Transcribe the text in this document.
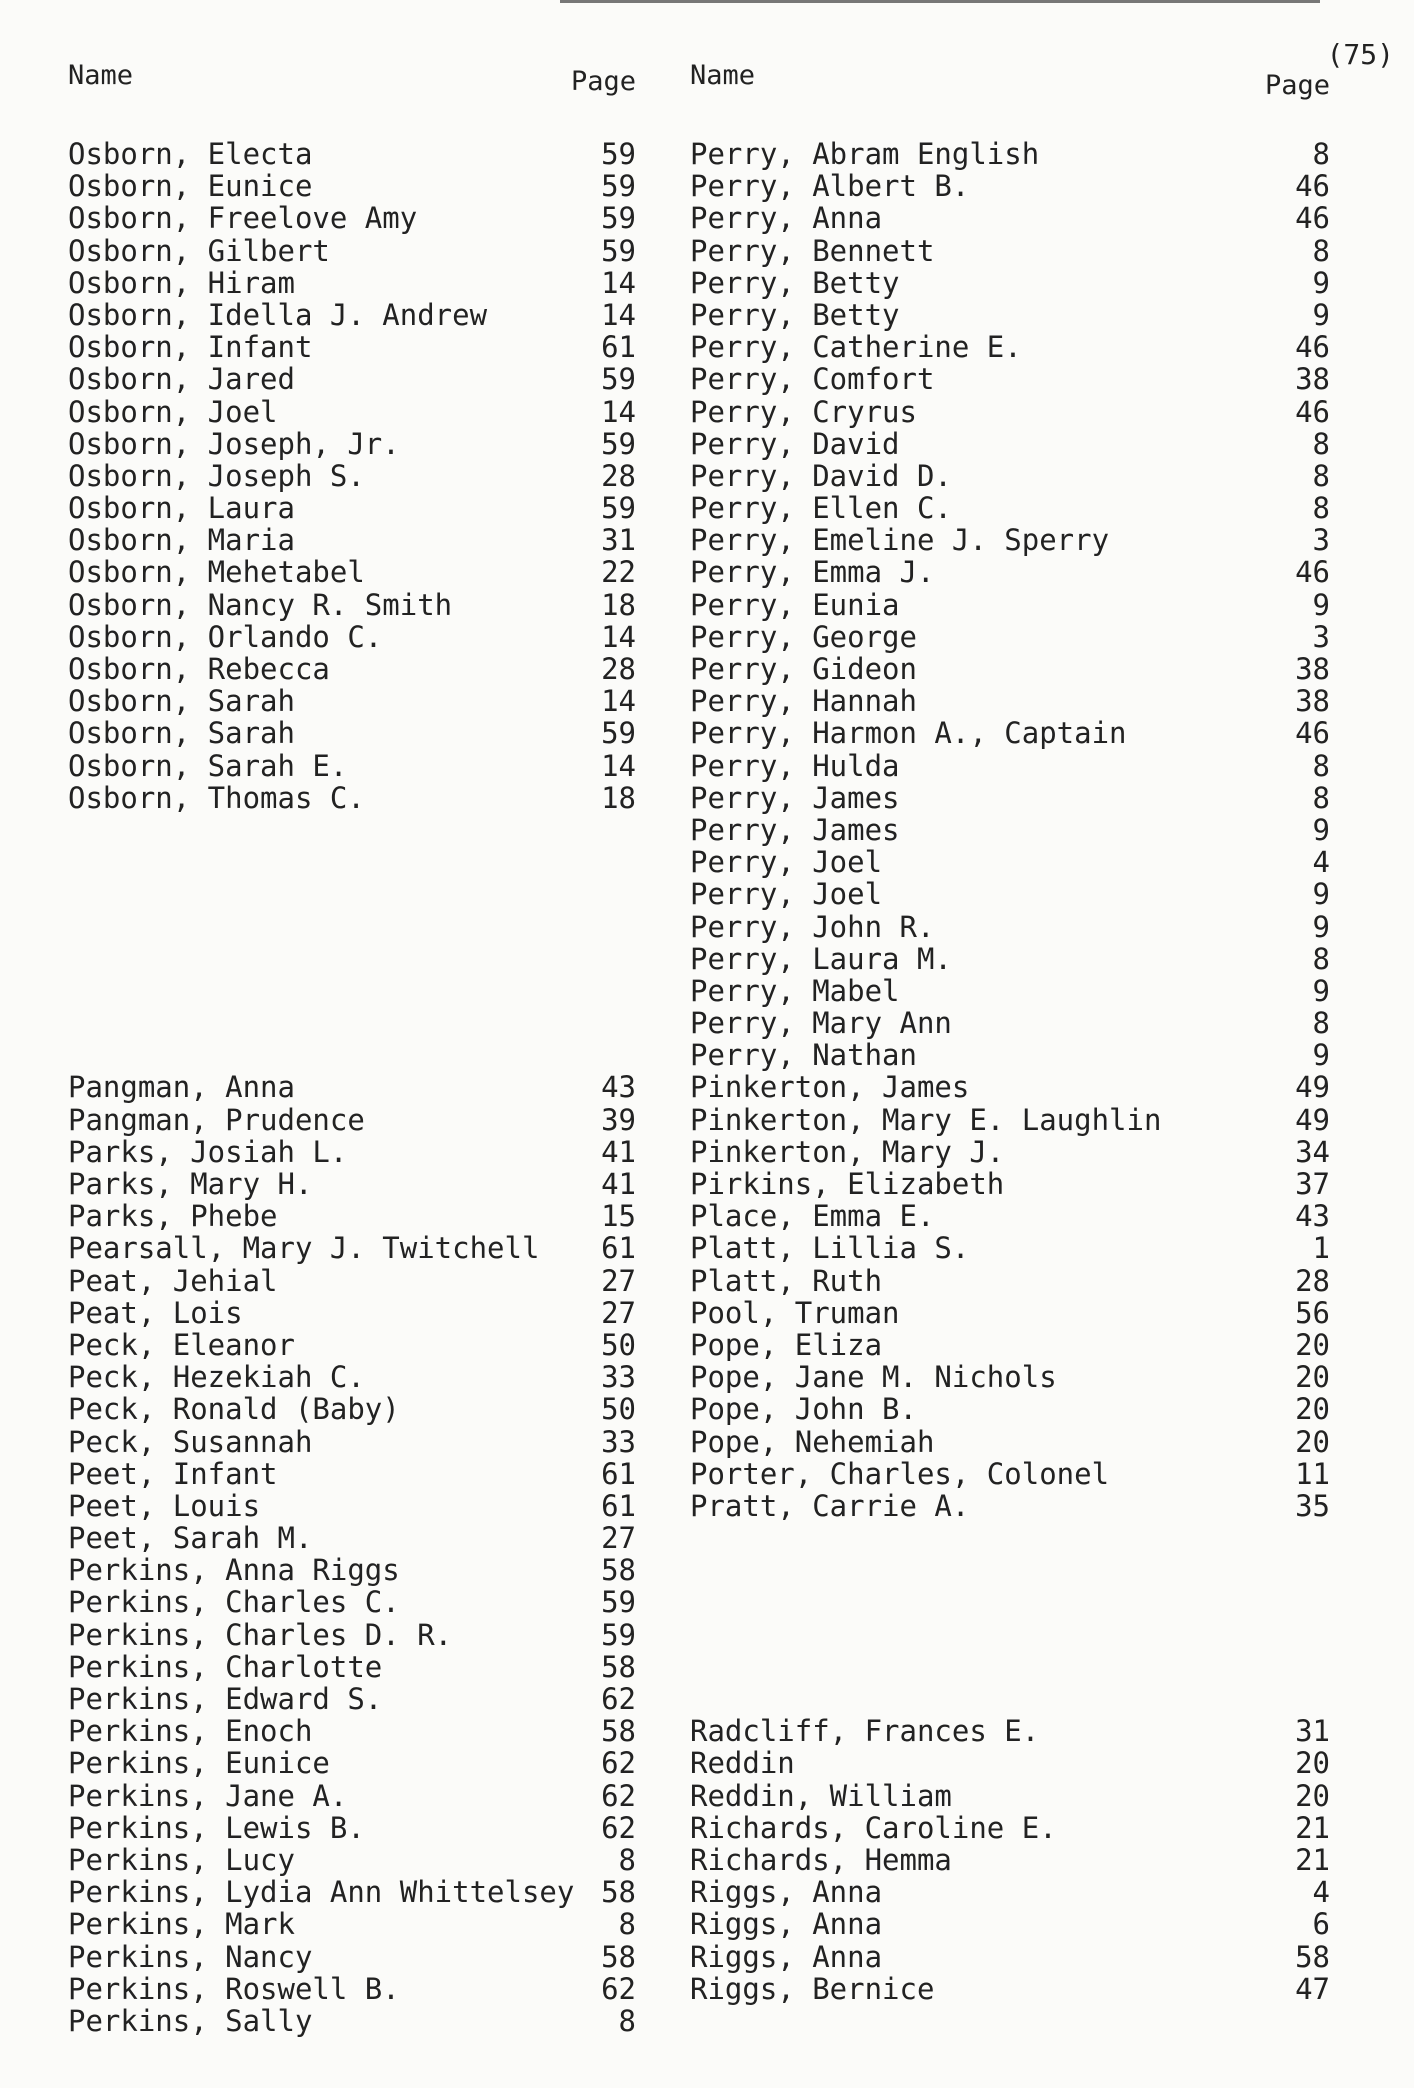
(75)
Name	Page
Osborn, Electa	59
Osborn, Eunice	59
Osborn, Freelove Amy	59
Osborn, Gilbert	59
Osborn, Hiram	14
Osborn, Idella J. Andrew	14
Osborn, Infant	61
Osborn, Jared	59
Osborn, Joel	14
Osborn, Joseph, Jr.	59
Osborn, Joseph S.	28
Osborn, Laura	59
Osborn, Maria	31
Osborn, Mehetabel	22
Osborn, Nancy R. Smith	18
Osborn, Orlando C.	14
Osborn, Rebecca	28
Osborn, Sarah	14
Osborn, Sarah	59
Osborn, Sarah E.	14
Osborn, Thomas C.	18
Pangman, Anna	43
Pangman, Prudence	39
Parks, Josiah L.	41
Parks, Mary H.	41
Parks, Phebe	15
Pearsall, Mary J. Twitchell 61
Peat, Jehial	27
Peat, Lois	27
Peck, Eleanor	50
Peck, Hezekiah C.	33
Peck, Ronald (Baby)	50
Peck, Susannah	33
Peet, Infant	61
Peet, Louis	61
Peet, Sarah M.	27
Perkins, Anna Riggs	58
Perkins, Charles C.	59
Perkins, Charles D. R.	59
Perkins, Charlotte	58
Perkins, Edward S.	62
Perkins, Enoch	58
Perkins, Eunice	62
Perkins, Jane A.	62
Perkins, Lewis B.	62
Perkins, Lucy	8
Perkins, Lydia Ann Whittelsey 58
Perkins, Mark	8
Perkins, Nancy	58
Perkins, Roswell B.	62
Perkins, Sally	8
Name	Page
Perry, Abram English	8
Perry, Albert B.	46
Perry, Anna	46
Perry, Bennett	8
Perry, Betty	9
Perry, Betty	9
Perry, Catherine E.	46
Perry, Comfort	38
Perry, Cryrus	46
Perry, David	8
Perry, David D.	8
Perry, Ellen C.	8
Perry, Emeline J. Sperry	3
Perry, Emma J.	46
Perry, Eunia	9
Perry, George	3
Perry, Gideon	38
Perry, Hannah	38
Perry, Harmon A., Captain	46
Perry, Hulda	8
Perry, James	8
Perry, James	9
Perry, Joel	4
Perry, Joel	9
Perry, John R.	9
Perry, Laura M.	8
Perry, Mabel	9
Perry, Mary Ann	8
Perry, Nathan	9
Pinkerton, James	49
Pinkerton, Mary E. Laughlin	49
Pinkerton, Mary J.	34
Pirkins, Elizabeth	37
Place, Emma E.	43
Platt, Lillia S.	1
Platt, Ruth	28
Pool, Truman	56
Pope, Eliza	20
Pope, Jane M. Nichols	20
Pope, John B.	20
Pope, Nehemiah	20
Porter, Charles, Colonel	11
Pratt, Carrie A.	35
Radcliff, Frances E.	31
Reddin	20
Reddin, William	20
Richards, Caroline E.	21
Richards, Hemma	21
Riggs, Anna	4
Riggs, Anna	6
Riggs, Anna	58
Riggs, Bernice	47
